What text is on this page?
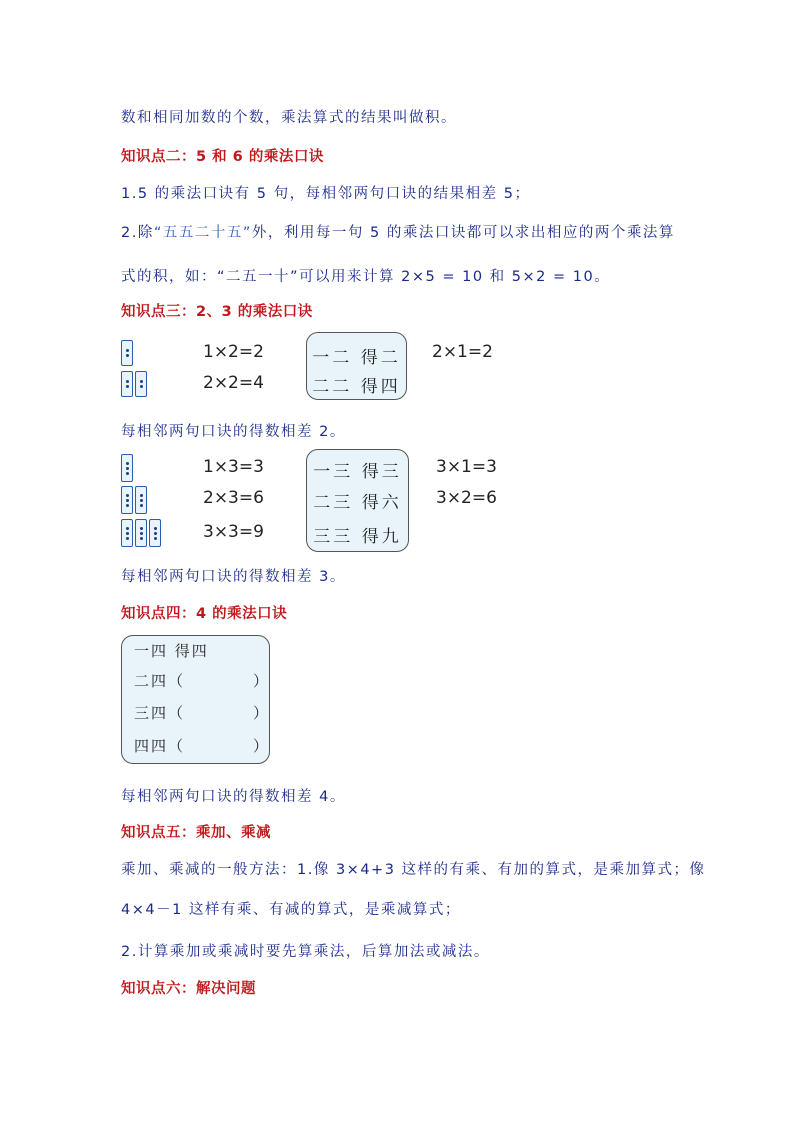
数和相同加数的个数，乘法算式的结果叫做积。
知识点二：5 和 6 的乘法口诀
1.5 的乘法口诀有 5 句，每相邻两句口诀的结果相差 5；
2.除“五五二十五”外，利用每一句 5 的乘法口诀都可以求出相应的两个乘法算
式的积，如：“二五一十”可以用来计算 2×5 = 10 和 5×2 = 10。
知识点三：2、3 的乘法口诀
1×2=2
2×2=4
一二 得二
二二 得四
2×1=2
每相邻两句口诀的得数相差 2。
1×3=3
2×3=6
3×3=9
一三 得三
二三 得六
三三 得九
3×1=3
3×2=6
每相邻两句口诀的得数相差 3。
知识点四：4 的乘法口诀
一四 得四
二四（　　　　）
三四（　　　　）
四四（　　　　）
每相邻两句口诀的得数相差 4。
知识点五：乘加、乘减
乘加、乘减的一般方法：1.像 3×4+3 这样的有乘、有加的算式，是乘加算式；像
4×4－1 这样有乘、有减的算式，是乘减算式；
2.计算乘加或乘减时要先算乘法，后算加法或减法。
知识点六：解决问题
